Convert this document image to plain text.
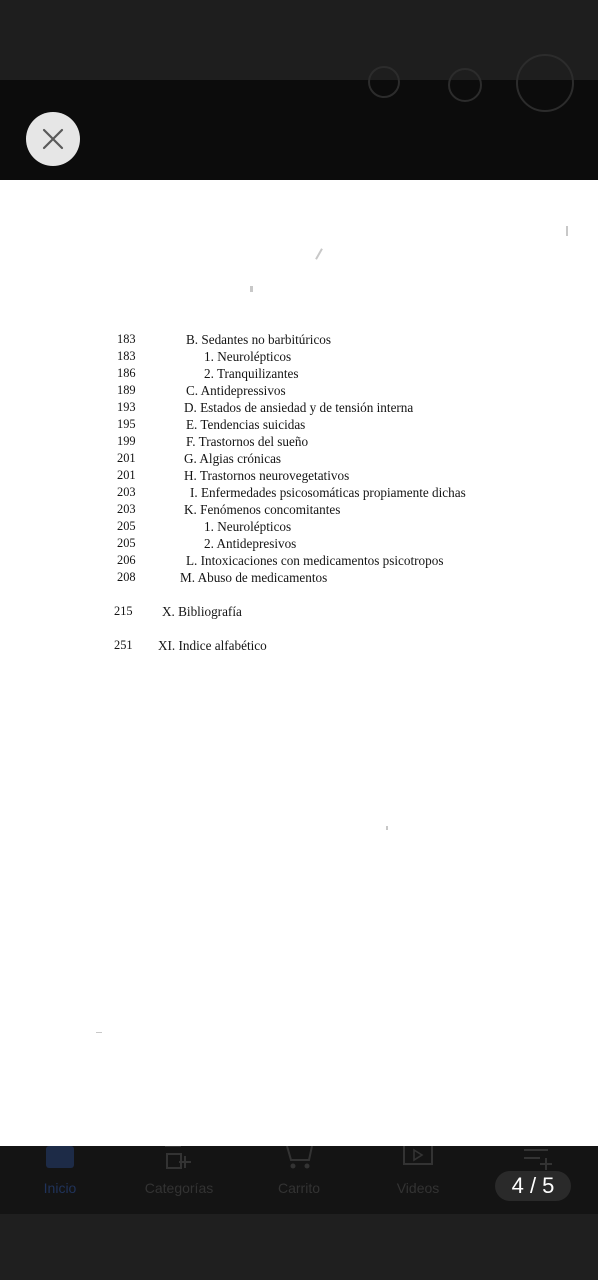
183	B. Sedantes no barbitúricos
183	1. Neurolépticos
186	2. Tranquilizantes
189	C. Antidepressivos
193	D. Estados de ansiedad y de tensión interna
195	E. Tendencias suicidas
199	F. Trastornos del sueño
201	G. Algias crónicas
201	H. Trastornos neurovegetativos
203	I. Enfermedades psicosomáticas propiamente dichas
203	K. Fenómenos concomitantes
205	1. Neurolépticos
205	2. Antidepresivos
206	L. Intoxicaciones con medicamentos psicotropos
208	M. Abuso de medicamentos
215 X. Bibliografía
251 XI. Indice alfabético
Inicio	Categorías	Carrito	Videos	4 / 5
